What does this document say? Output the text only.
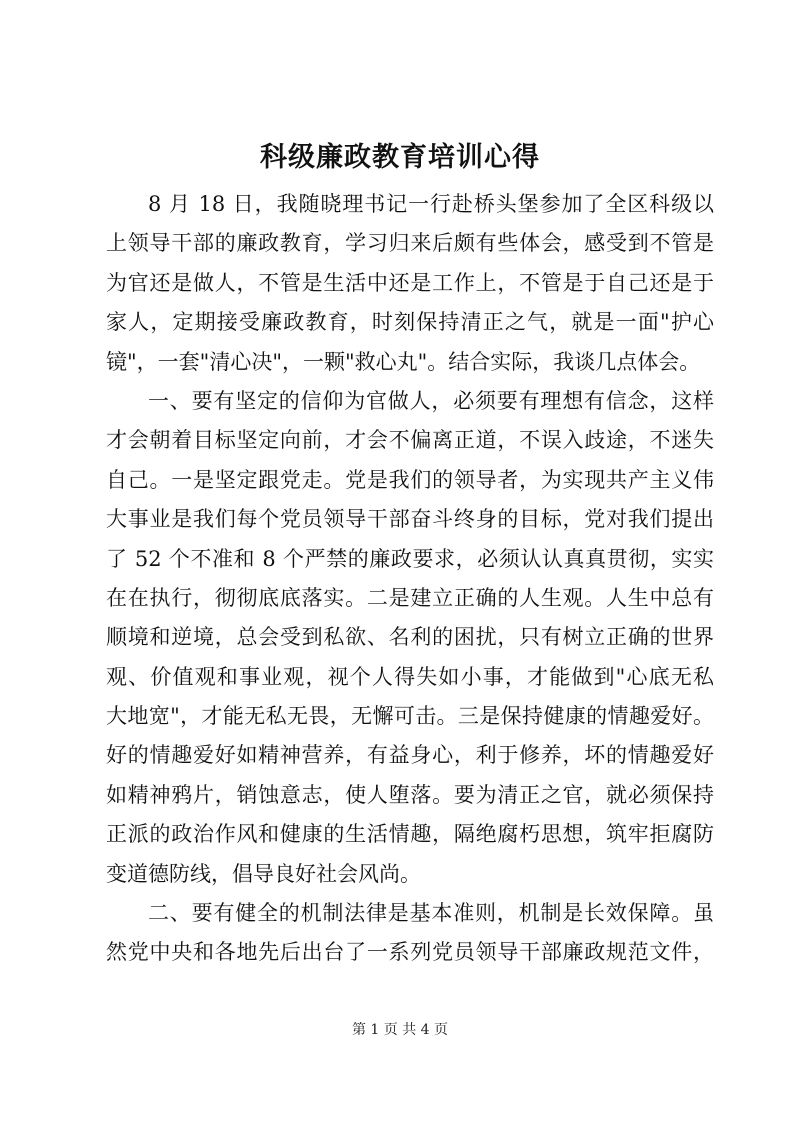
科级廉政教育培训心得
8 月 18 日，我随晓理书记一行赴桥头堡参加了全区科级以
上领导干部的廉政教育，学习归来后颇有些体会，感受到不管是
为官还是做人，不管是生活中还是工作上，不管是于自己还是于
家人，定期接受廉政教育，时刻保持清正之气，就是一面"护心
镜"，一套"清心决"，一颗"救心丸"。结合实际，我谈几点体会。
一、要有坚定的信仰为官做人，必须要有理想有信念，这样
才会朝着目标坚定向前，才会不偏离正道，不误入歧途，不迷失
自己。一是坚定跟党走。党是我们的领导者，为实现共产主义伟
大事业是我们每个党员领导干部奋斗终身的目标，党对我们提出
了 52 个不准和 8 个严禁的廉政要求，必须认认真真贯彻，实实
在在执行，彻彻底底落实。二是建立正确的人生观。人生中总有
顺境和逆境，总会受到私欲、名利的困扰，只有树立正确的世界
观、价值观和事业观，视个人得失如小事，才能做到"心底无私
大地宽"，才能无私无畏，无懈可击。三是保持健康的情趣爱好。
好的情趣爱好如精神营养，有益身心，利于修养，坏的情趣爱好
如精神鸦片，销蚀意志，使人堕落。要为清正之官，就必须保持
正派的政治作风和健康的生活情趣，隔绝腐朽思想，筑牢拒腐防
变道德防线，倡导良好社会风尚。
二、要有健全的机制法律是基本准则，机制是长效保障。虽
然党中央和各地先后出台了一系列党员领导干部廉政规范文件，
第 1 页 共 4 页
